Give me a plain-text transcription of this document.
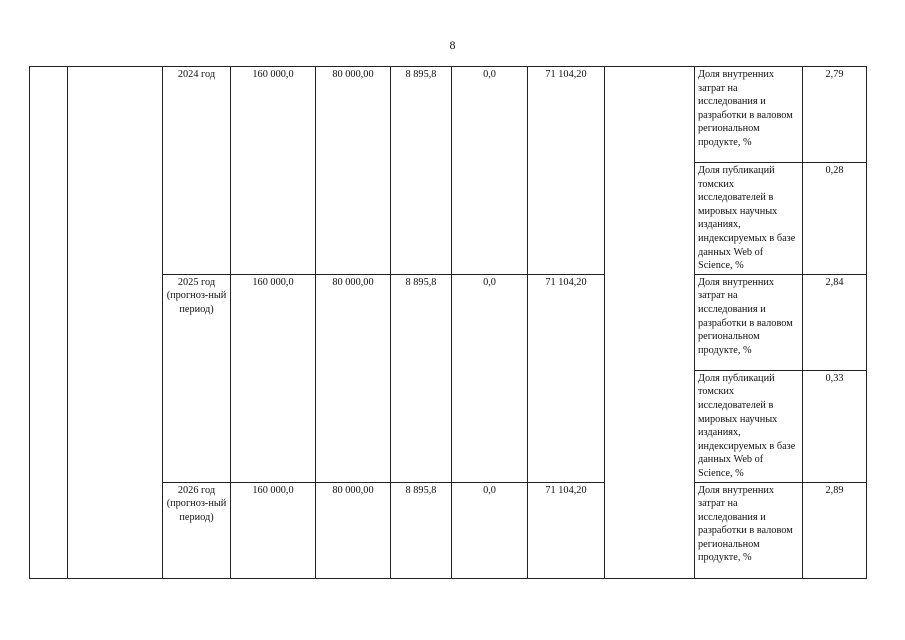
8
		2024 год	160 000,0	80 000,00	8 895,8	0,0	71 104,20		Доля внутренних затрат на исследования и разработки в валовом региональном продукте, %	2,79
									Доля публикаций томских исследователей в мировых научных изданиях, индексируемых в базе данных Web of Science, %	0,28
		2025 год (прогноз-ный период)	160 000,0	80 000,00	8 895,8	0,0	71 104,20		Доля внутренних затрат на исследования и разработки в валовом региональном продукте, %	2,84
									Доля публикаций томских исследователей в мировых научных изданиях, индексируемых в базе данных Web of Science, %	0,33
		2026 год (прогноз-ный период)	160 000,0	80 000,00	8 895,8	0,0	71 104,20		Доля внутренних затрат на исследования и разработки в валовом региональном продукте, %	2,89
